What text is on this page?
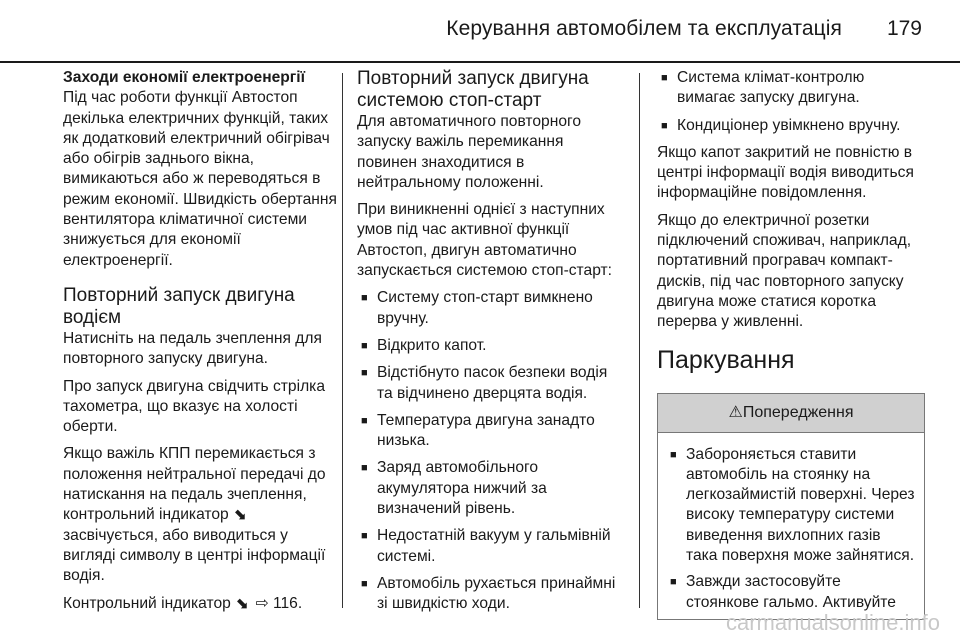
Керування автомобілем та експлуатація 179

Заходи економії електроенергії

Під час роботи функції Автостоп декілька електричних функцій, таких як додатковий електричний обігрівач або обігрів заднього вікна, вимикаються або ж переводяться в режим економії. Швидкість обертання вентилятора кліматичної системи знижується для економії електроенергії.

Повторний запуск двигуна водієм

Натисніть на педаль зчеплення для повторного запуску двигуна.

Про запуск двигуна свідчить стрілка тахометра, що вказує на холості оберти.

Якщо важіль КПП перемикається з положення нейтральної передачі до натискання на педаль зчеплення, контрольний індикатор ⬊ засвічується, або виводиться у вигляді символу в центрі інформації водія.

Контрольний індикатор ⬊ ⇨ 116.

Повторний запуск двигуна системою стоп-старт

Для автоматичного повторного запуску важіль перемикання повинен знаходитися в нейтральному положенні.

При виникненні однієї з наступних умов під час активної функції Автостоп, двигун автоматично запускається системою стоп-старт:

■ Систему стоп-старт вимкнено вручну.
■ Відкрито капот.
■ Відстібнуто пасок безпеки водія та відчинено дверцята водія.
■ Температура двигуна занадто низька.
■ Заряд автомобільного акумулятора нижчий за визначений рівень.
■ Недостатній вакуум у гальмівній системі.
■ Автомобіль рухається принаймні зі швидкістю ходи.
■ Система клімат-контролю вимагає запуску двигуна.
■ Кондиціонер увімкнено вручну.

Якщо капот закритий не повністю в центрі інформації водія виводиться інформаційне повідомлення.

Якщо до електричної розетки підключений споживач, наприклад, портативний програвач компакт-дисків, під час повторного запуску двигуна може статися коротка перерва у живленні.

Паркування
⚠Попередження
■ Забороняється ставити автомобіль на стоянку на легкозаймистій поверхні. Через високу температуру системи виведення вихлопних газів така поверхня може зайнятися.
■ Завжди застосовуйте стоянкове гальмо. Активуйте
carmanualsonline.info
